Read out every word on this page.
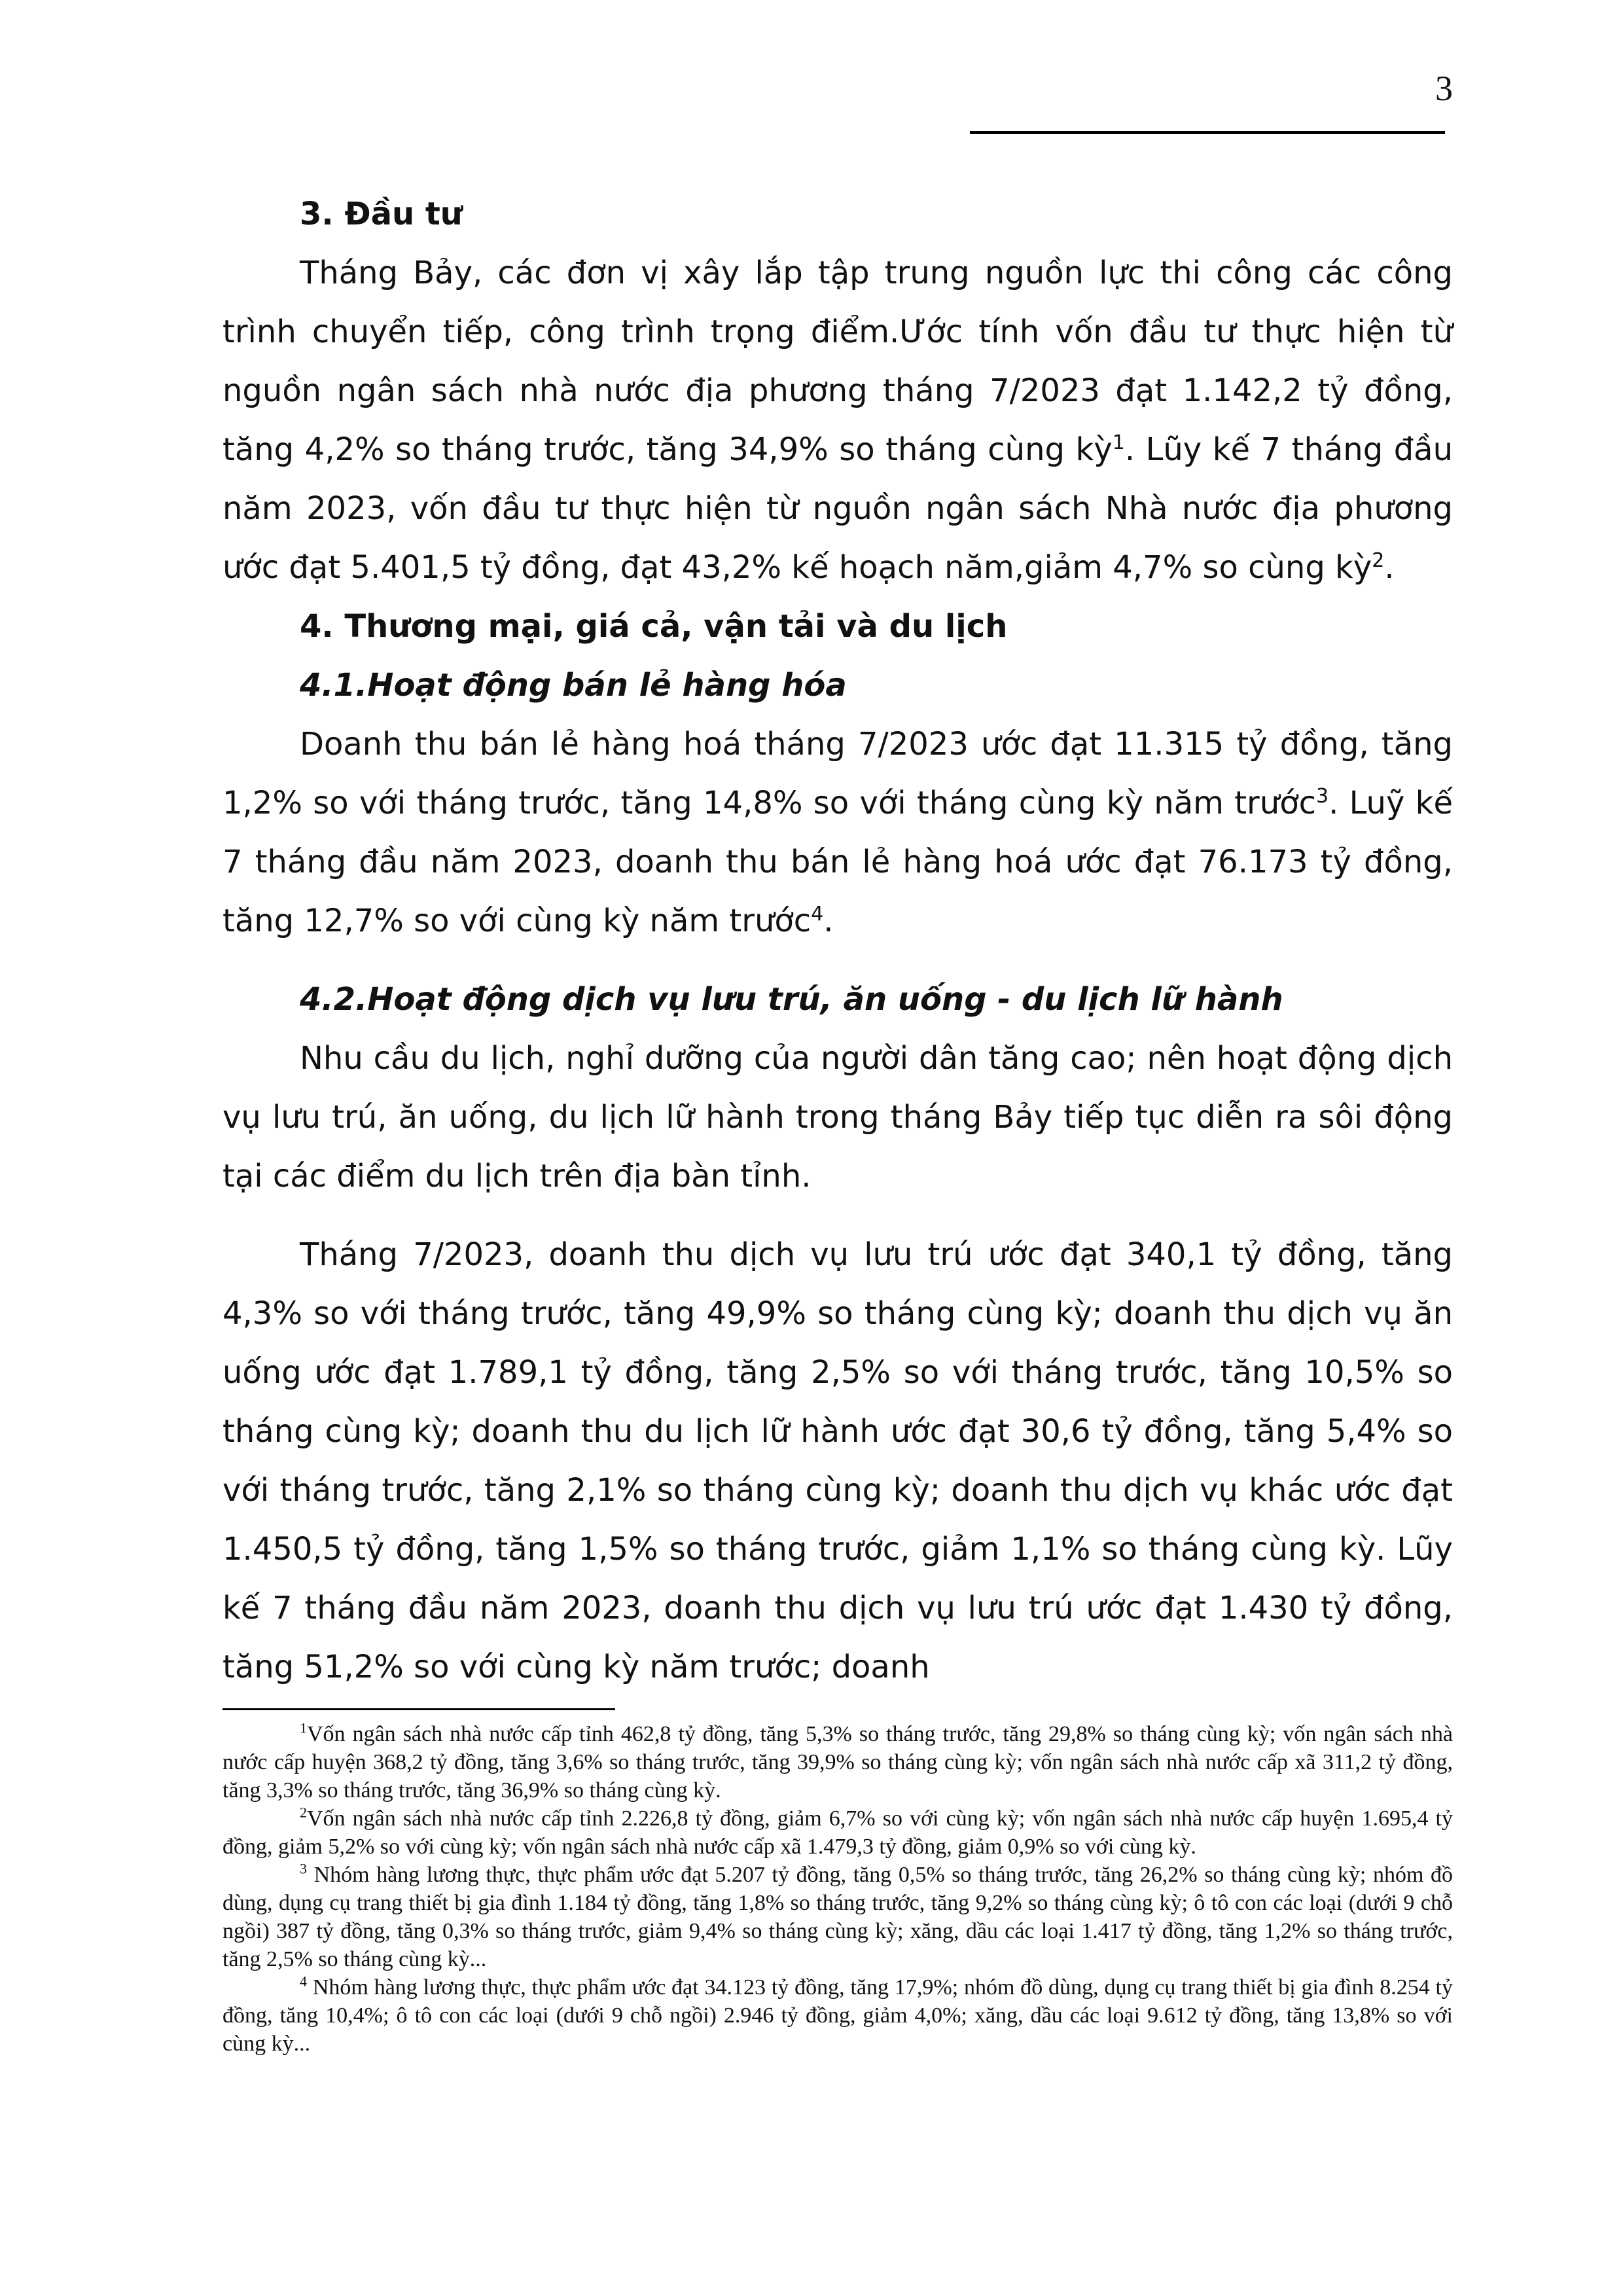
3
3. Đầu tư

Tháng Bảy, các đơn vị xây lắp tập trung nguồn lực thi công các công trình chuyển tiếp, công trình trọng điểm.Ước tính vốn đầu tư thực hiện từ nguồn ngân sách nhà nước địa phương tháng 7/2023 đạt 1.142,2 tỷ đồng, tăng 4,2% so tháng trước, tăng 34,9% so tháng cùng kỳ$^1$. Lũy kế 7 tháng đầu năm 2023, vốn đầu tư thực hiện từ nguồn ngân sách Nhà nước địa phương ước đạt 5.401,5 tỷ đồng, đạt 43,2% kế hoạch năm,giảm 4,7% so cùng kỳ$^2$.

4. Thương mại, giá cả, vận tải và du lịch
4.1.Hoạt động bán lẻ hàng hóa

Doanh thu bán lẻ hàng hoá tháng 7/2023 ước đạt 11.315 tỷ đồng, tăng 1,2% so với tháng trước, tăng 14,8% so với tháng cùng kỳ năm trước$^3$. Luỹ kế 7 tháng đầu năm 2023, doanh thu bán lẻ hàng hoá ước đạt 76.173 tỷ đồng, tăng 12,7% so với cùng kỳ năm trước$^4$.

4.2.Hoạt động dịch vụ lưu trú, ăn uống - du lịch lữ hành

Nhu cầu du lịch, nghỉ dưỡng của người dân tăng cao; nên hoạt động dịch vụ lưu trú, ăn uống, du lịch lữ hành trong tháng Bảy tiếp tục diễn ra sôi động tại các điểm du lịch trên địa bàn tỉnh.

Tháng 7/2023, doanh thu dịch vụ lưu trú ước đạt 340,1 tỷ đồng, tăng 4,3% so với tháng trước, tăng 49,9% so tháng cùng kỳ; doanh thu dịch vụ ăn uống ước đạt 1.789,1 tỷ đồng, tăng 2,5% so với tháng trước, tăng 10,5% so tháng cùng kỳ; doanh thu du lịch lữ hành ước đạt 30,6 tỷ đồng, tăng 5,4% so với tháng trước, tăng 2,1% so tháng cùng kỳ; doanh thu dịch vụ khác ước đạt 1.450,5 tỷ đồng, tăng 1,5% so tháng trước, giảm 1,1% so tháng cùng kỳ. Lũy kế 7 tháng đầu năm 2023, doanh thu dịch vụ lưu trú ước đạt 1.430 tỷ đồng, tăng 51,2% so với cùng kỳ năm trước; doanh

$^1$Vốn ngân sách nhà nước cấp tỉnh 462,8 tỷ đồng, tăng 5,3% so tháng trước, tăng 29,8% so tháng cùng kỳ; vốn ngân sách nhà nước cấp huyện 368,2 tỷ đồng, tăng 3,6% so tháng trước, tăng 39,9% so tháng cùng kỳ; vốn ngân sách nhà nước cấp xã 311,2 tỷ đồng, tăng 3,3% so tháng trước, tăng 36,9% so tháng cùng kỳ.

$^2$Vốn ngân sách nhà nước cấp tỉnh 2.226,8 tỷ đồng, giảm 6,7% so với cùng kỳ; vốn ngân sách nhà nước cấp huyện 1.695,4 tỷ đồng, giảm 5,2% so với cùng kỳ; vốn ngân sách nhà nước cấp xã 1.479,3 tỷ đồng, giảm 0,9% so với cùng kỳ.

$^3$ Nhóm hàng lương thực, thực phẩm ước đạt 5.207 tỷ đồng, tăng 0,5% so tháng trước, tăng 26,2% so tháng cùng kỳ; nhóm đồ dùng, dụng cụ trang thiết bị gia đình 1.184 tỷ đồng, tăng 1,8% so tháng trước, tăng 9,2% so tháng cùng kỳ; ô tô con các loại (dưới 9 chỗ ngồi) 387 tỷ đồng, tăng 0,3% so tháng trước, giảm 9,4% so tháng cùng kỳ; xăng, dầu các loại 1.417 tỷ đồng, tăng 1,2% so tháng trước, tăng 2,5% so tháng cùng kỳ...

$^4$ Nhóm hàng lương thực, thực phẩm ước đạt 34.123 tỷ đồng, tăng 17,9%; nhóm đồ dùng, dụng cụ trang thiết bị gia đình 8.254 tỷ đồng, tăng 10,4%; ô tô con các loại (dưới 9 chỗ ngồi) 2.946 tỷ đồng, giảm 4,0%; xăng, dầu các loại 9.612 tỷ đồng, tăng 13,8% so với cùng kỳ...
